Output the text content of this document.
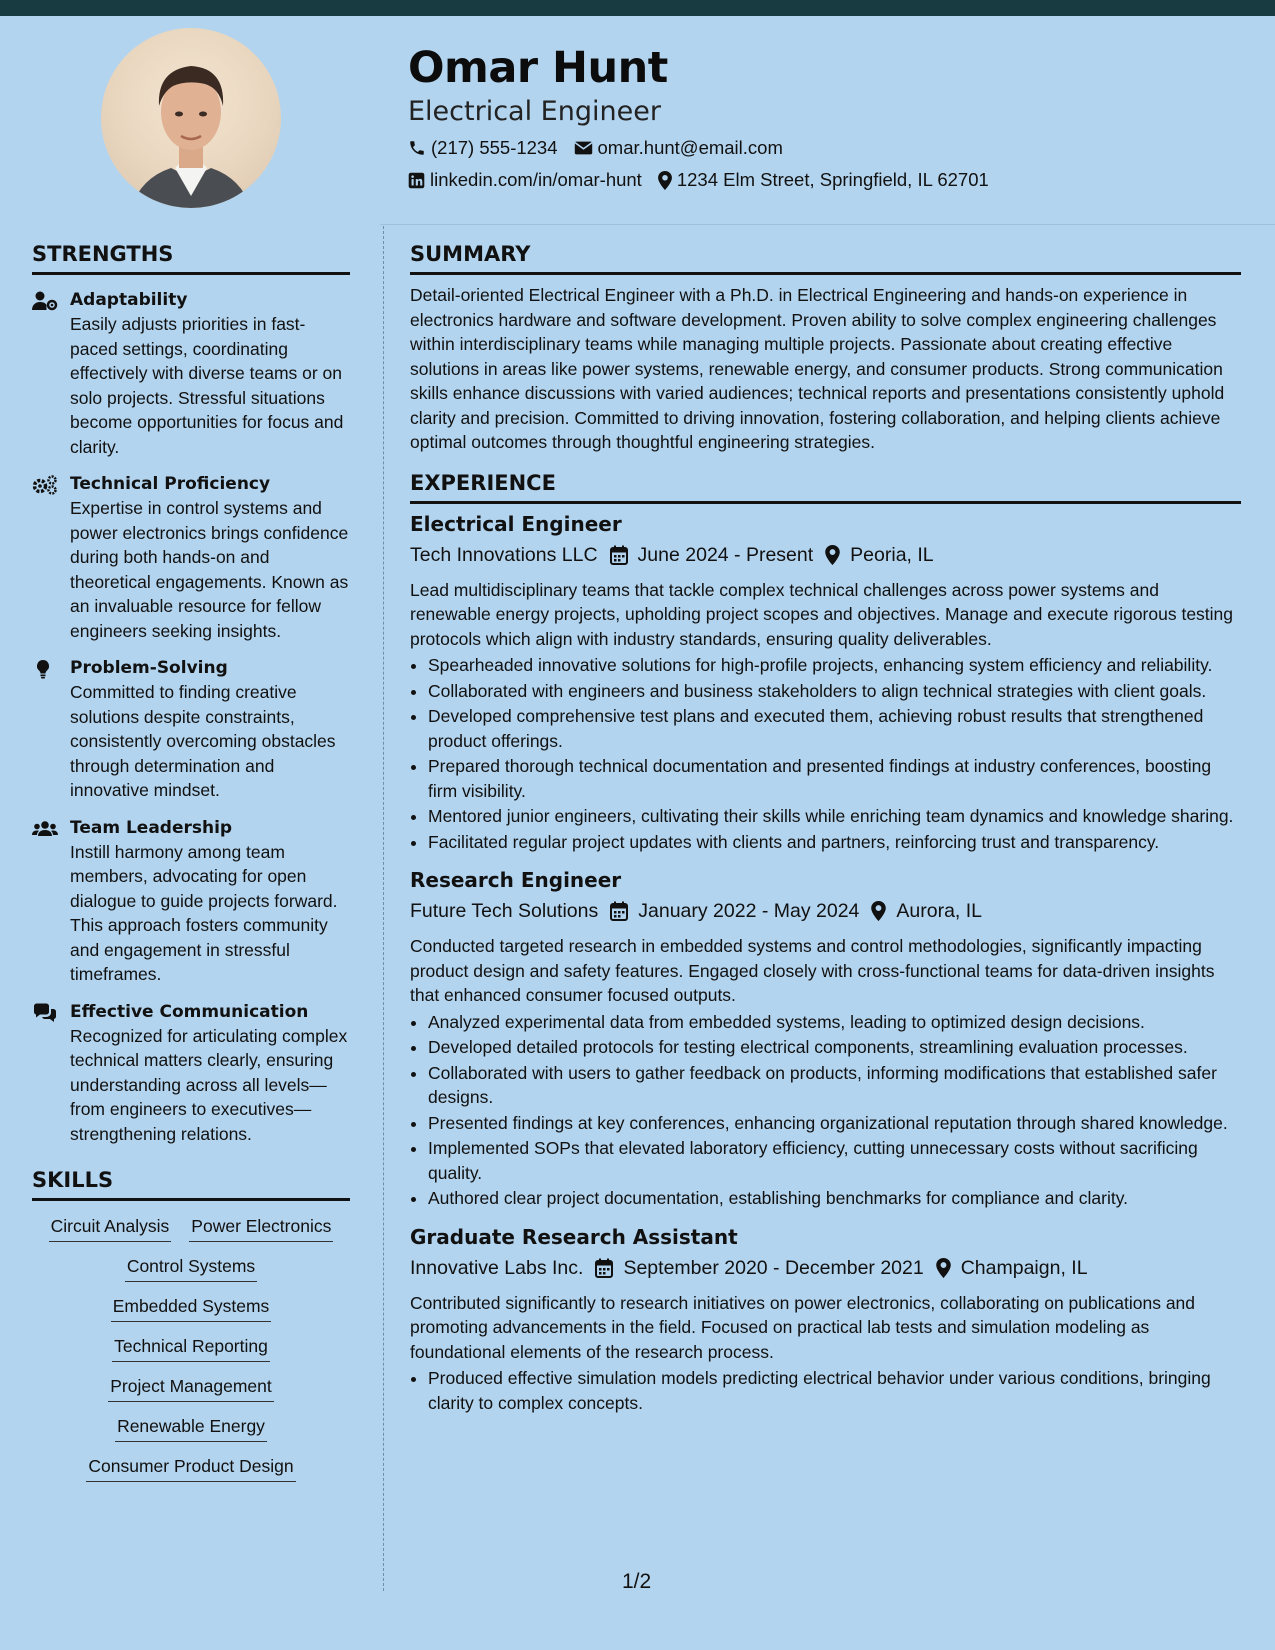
Omar Hunt
Electrical Engineer
(217) 555-1234 omar.hunt@email.com
linkedin.com/in/omar-hunt 1234 Elm Street, Springfield, IL 62701
STRENGTHS
Adaptability
Easily adjusts priorities in fast-paced settings, coordinating effectively with diverse teams or on solo projects. Stressful situations become opportunities for focus and clarity.
Technical Proficiency
Expertise in control systems and power electronics brings confidence during both hands-on and theoretical engagements. Known as an invaluable resource for fellow engineers seeking insights.
Problem-Solving
Committed to finding creative solutions despite constraints, consistently overcoming obstacles through determination and innovative mindset.
Team Leadership
Instill harmony among team members, advocating for open dialogue to guide projects forward. This approach fosters community and engagement in stressful timeframes.
Effective Communication
Recognized for articulating complex technical matters clearly, ensuring understanding across all levels—from engineers to executives—strengthening relations.
SKILLS
Circuit Analysis Power Electronics
Control Systems
Embedded Systems
Technical Reporting
Project Management
Renewable Energy
Consumer Product Design
SUMMARY

Detail-oriented Electrical Engineer with a Ph.D. in Electrical Engineering and hands-on experience in electronics hardware and software development. Proven ability to solve complex engineering challenges within interdisciplinary teams while managing multiple projects. Passionate about creating effective solutions in areas like power systems, renewable energy, and consumer products. Strong communication skills enhance discussions with varied audiences; technical reports and presentations consistently uphold clarity and precision. Committed to driving innovation, fostering collaboration, and helping clients achieve optimal outcomes through thoughtful engineering strategies.

EXPERIENCE
Electrical Engineer
Tech Innovations LLC June 2024 - Present Peoria, IL

Lead multidisciplinary teams that tackle complex technical challenges across power systems and renewable energy projects, upholding project scopes and objectives. Manage and execute rigorous testing protocols which align with industry standards, ensuring quality deliverables.

• Spearheaded innovative solutions for high-profile projects, enhancing system efficiency and reliability.
• Collaborated with engineers and business stakeholders to align technical strategies with client goals.
• Developed comprehensive test plans and executed them, achieving robust results that strengthened product offerings.
• Prepared thorough technical documentation and presented findings at industry conferences, boosting firm visibility.
• Mentored junior engineers, cultivating their skills while enriching team dynamics and knowledge sharing.
• Facilitated regular project updates with clients and partners, reinforcing trust and transparency.
Research Engineer
Future Tech Solutions January 2022 - May 2024 Aurora, IL

Conducted targeted research in embedded systems and control methodologies, significantly impacting product design and safety features. Engaged closely with cross-functional teams for data-driven insights that enhanced consumer focused outputs.

• Analyzed experimental data from embedded systems, leading to optimized design decisions.
• Developed detailed protocols for testing electrical components, streamlining evaluation processes.
• Collaborated with users to gather feedback on products, informing modifications that established safer designs.
• Presented findings at key conferences, enhancing organizational reputation through shared knowledge.
• Implemented SOPs that elevated laboratory efficiency, cutting unnecessary costs without sacrificing quality.
• Authored clear project documentation, establishing benchmarks for compliance and clarity.
Graduate Research Assistant
Innovative Labs Inc. September 2020 - December 2021 Champaign, IL

Contributed significantly to research initiatives on power electronics, collaborating on publications and promoting advancements in the field. Focused on practical lab tests and simulation modeling as foundational elements of the research process.

• Produced effective simulation models predicting electrical behavior under various conditions, bringing clarity to complex concepts.
1/2
